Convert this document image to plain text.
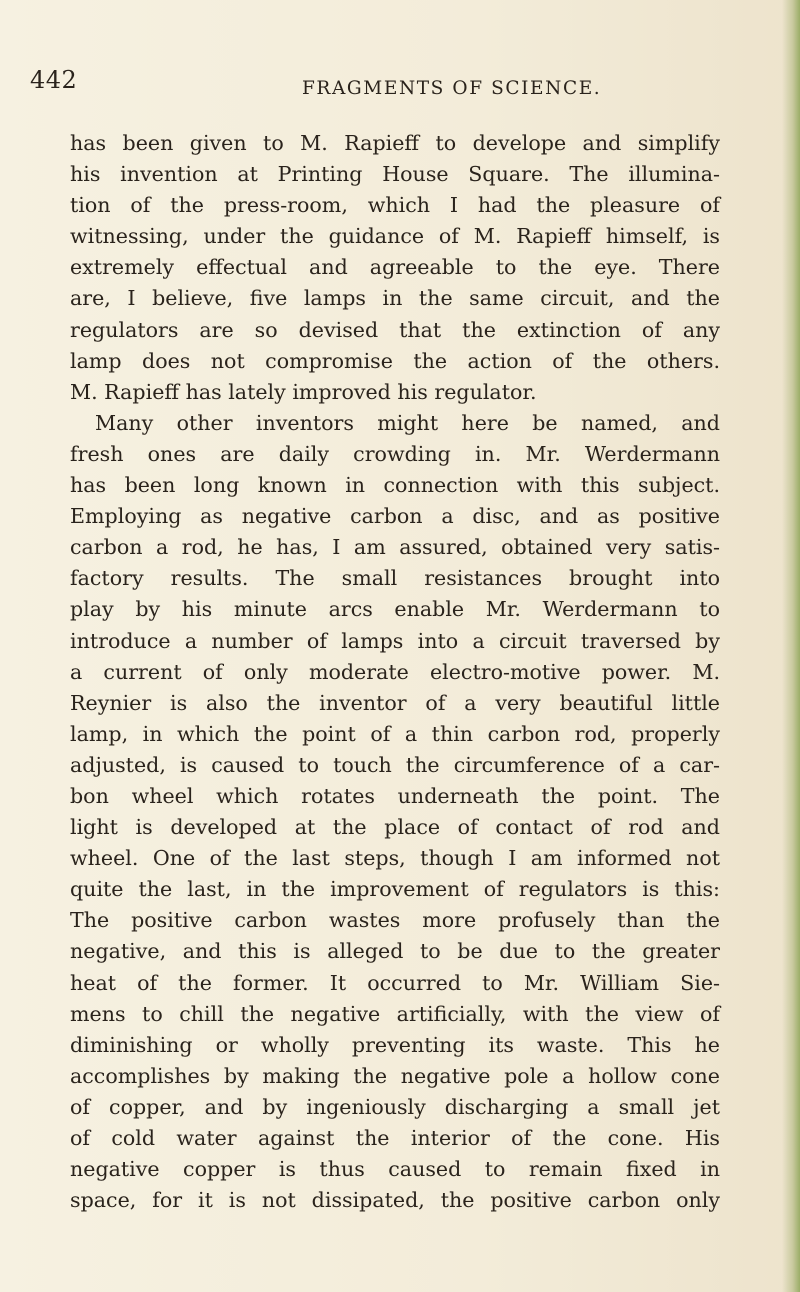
442	FRAGMENTS OF SCIENCE.
has been given to M. Rapieff to develope and simplify
his invention at Printing House Square. The illumina-
tion of the press-room, which I had the pleasure of
witnessing, under the guidance of M. Rapieff himself, is
extremely effectual and agreeable to the eye. There
are, I believe, five lamps in the same circuit, and the
regulators are so devised that the extinction of any
lamp does not compromise the action of the others.
M. Rapieff has lately improved his regulator.
Many other inventors might here be named, and
fresh ones are daily crowding in. Mr. Werdermann
has been long known in connection with this subject.
Employing as negative carbon a disc, and as positive
carbon a rod, he has, I am assured, obtained very satis-
factory results. The small resistances brought into
play by his minute arcs enable Mr. Werdermann to
introduce a number of lamps into a circuit traversed by
a current of only moderate electro-motive power. M.
Reynier is also the inventor of a very beautiful little
lamp, in which the point of a thin carbon rod, properly
adjusted, is caused to touch the circumference of a car-
bon wheel which rotates underneath the point. The
light is developed at the place of contact of rod and
wheel. One of the last steps, though I am informed not
quite the last, in the improvement of regulators is this:
The positive carbon wastes more profusely than the
negative, and this is alleged to be due to the greater
heat of the former. It occurred to Mr. William Sie-
mens to chill the negative artificially, with the view of
diminishing or wholly preventing its waste. This he
accomplishes by making the negative pole a hollow cone
of copper, and by ingeniously discharging a small jet
of cold water against the interior of the cone. His
negative copper is thus caused to remain fixed in
space, for it is not dissipated, the positive carbon only
